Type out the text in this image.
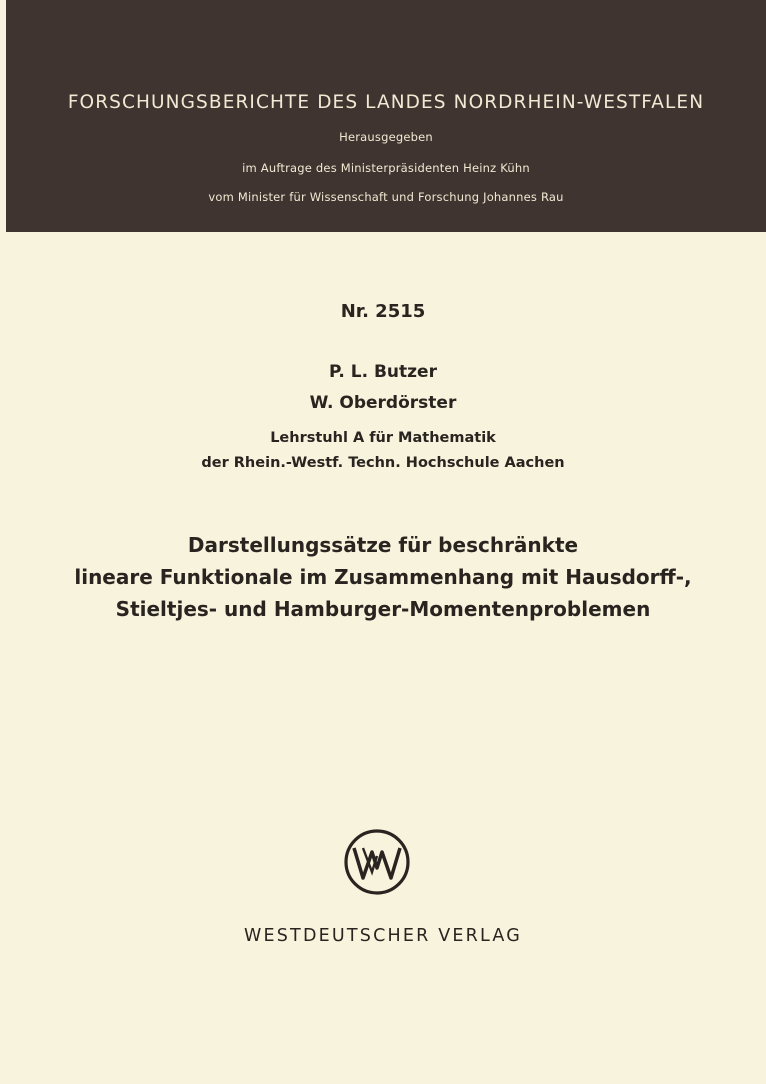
FORSCHUNGSBERICHTE DES LANDES NORDRHEIN-WESTFALEN
Herausgegeben
im Auftrage des Ministerpräsidenten Heinz Kühn
vom Minister für Wissenschaft und Forschung Johannes Rau
Nr. 2515
P. L. Butzer
W. Oberdörster
Lehrstuhl A für Mathematik
der Rhein.-Westf. Techn. Hochschule Aachen
Darstellungssätze für beschränkte
lineare Funktionale im Zusammenhang mit Hausdorff-,
Stieltjes- und Hamburger-Momentenproblemen
WESTDEUTSCHER VERLAG
